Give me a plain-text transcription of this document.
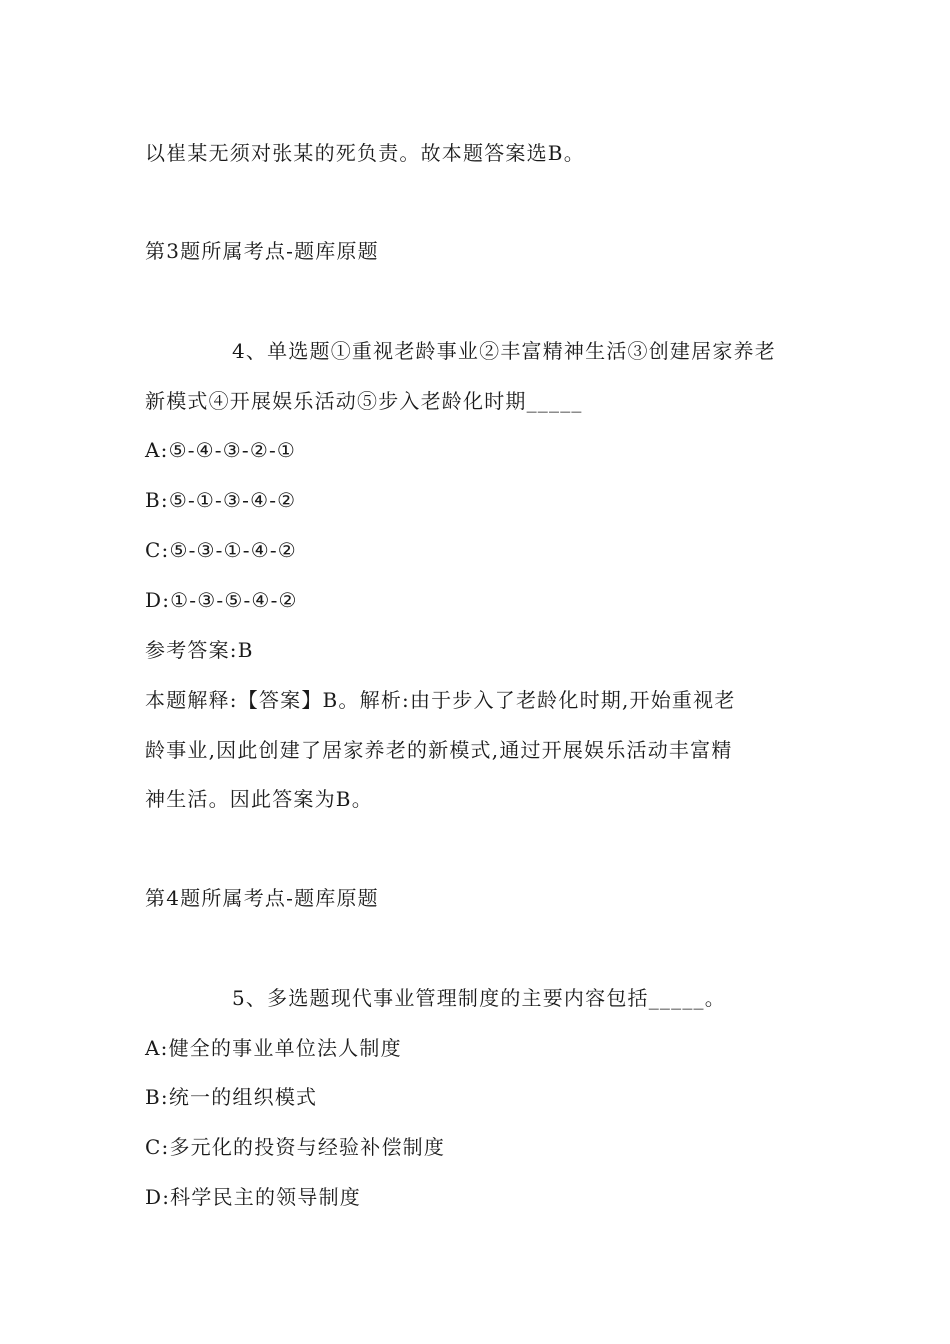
以崔某无须对张某的死负责。故本题答案选B。
第3题所属考点-题库原题
4、单选题①重视老龄事业②丰富精神生活③创建居家养老
新模式④开展娱乐活动⑤步入老龄化时期_____
A:⑤-④-③-②-①
B:⑤-①-③-④-②
C:⑤-③-①-④-②
D:①-③-⑤-④-②
参考答案:B
本题解释:【答案】B。解析:由于步入了老龄化时期,开始重视老
龄事业,因此创建了居家养老的新模式,通过开展娱乐活动丰富精
神生活。因此答案为B。
第4题所属考点-题库原题
5、多选题现代事业管理制度的主要内容包括_____。
A:健全的事业单位法人制度
B:统一的组织模式
C:多元化的投资与经验补偿制度
D:科学民主的领导制度
